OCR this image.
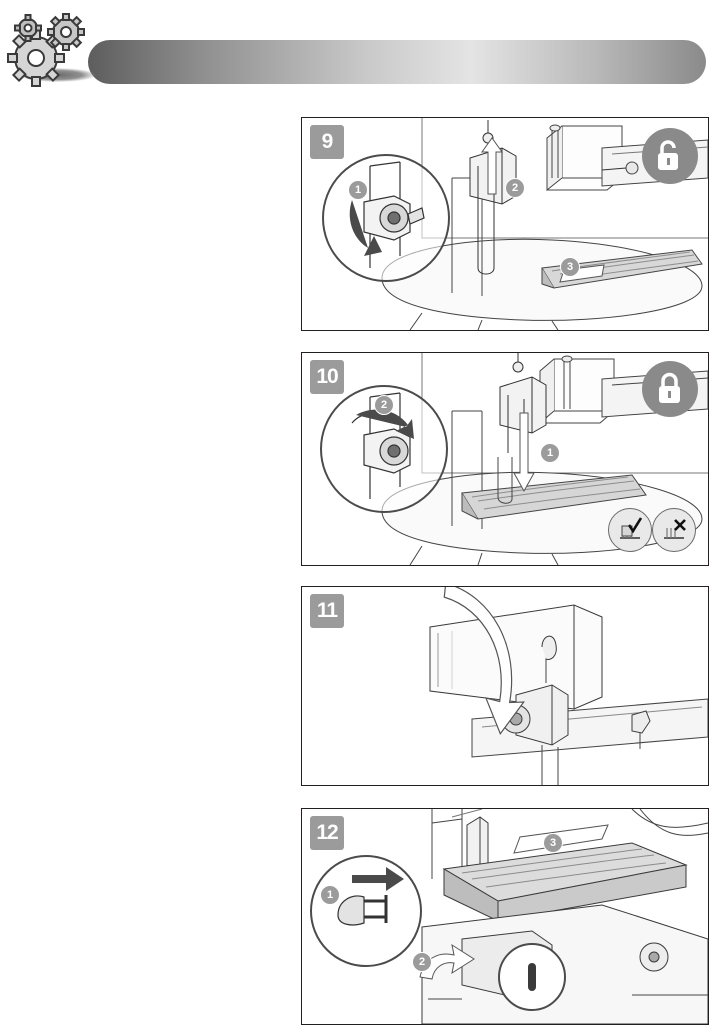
1	2
3
9
2
1
10
11
1
2
3
12
